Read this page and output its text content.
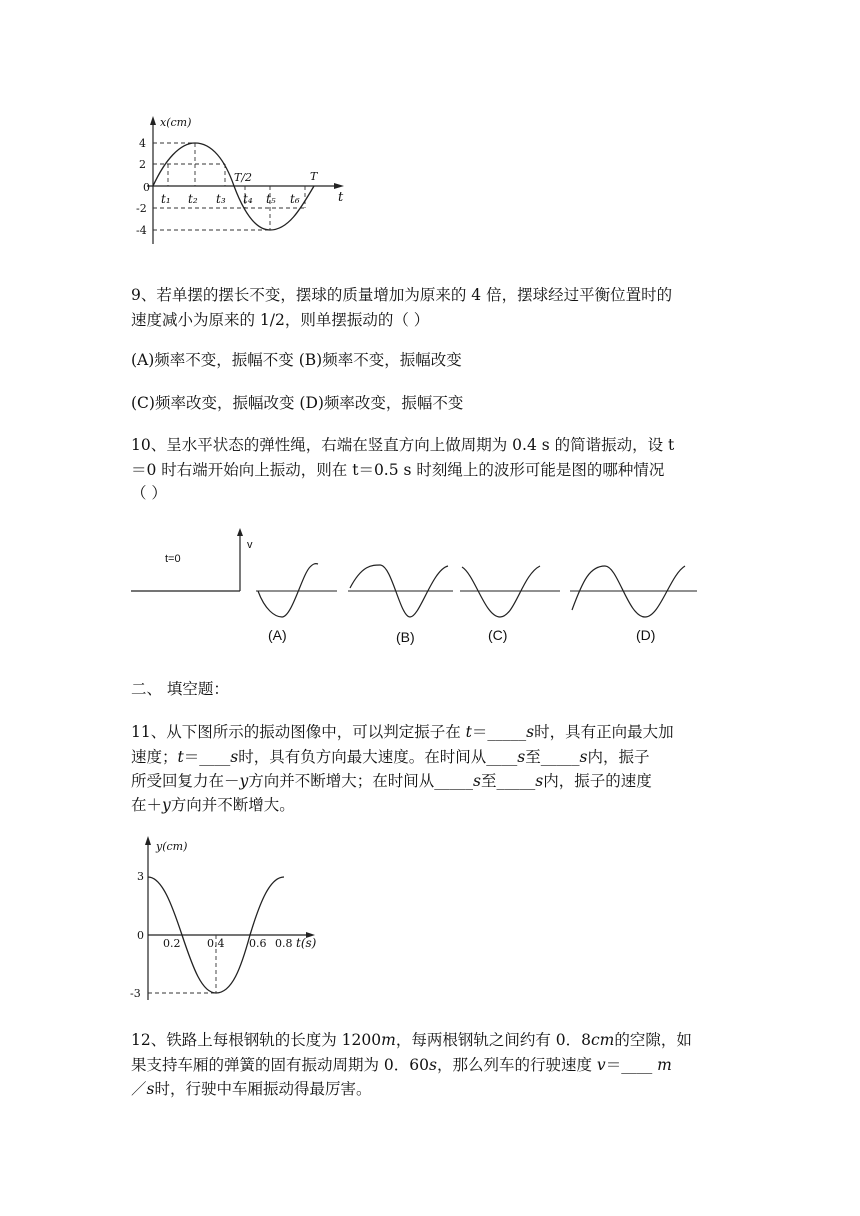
x(cm)
4
2
0
-2
-4
t₁ t₂ t₃ t₄ t₅ t₆
T/2	T
t
9、若单摆的摆长不变，摆球的质量增加为原来的 4 倍，摆球经过平衡位置时的
速度减小为原来的 1/2，则单摆振动的（ ）
(A)频率不变，振幅不变 (B)频率不变，振幅改变
(C)频率改变，振幅改变 (D)频率改变，振幅不变
10、呈水平状态的弹性绳，右端在竖直方向上做周期为 0.4 s 的简谐振动，设 t
＝0 时右端开始向上振动，则在 t＝0.5 s 时刻绳上的波形可能是图的哪种情况
（ ）
t=0
v
(A)	(B)	(C)	(D)
二、 填空题：
11、从下图所示的振动图像中，可以判定振子在 t＝_____s时，具有正向最大加
速度；t＝____s时，具有负方向最大速度。在时间从____s至_____s内，振子
所受回复力在－y方向并不断增大；在时间从_____s至_____s内，振子的速度
在＋y方向并不断增大。
y(cm)
3
0
-3
0.2 0.4 0.6 0.8 t(s)
12、铁路上每根钢轨的长度为 1200m，每两根钢轨之间约有 0．8cm的空隙，如
果支持车厢的弹簧的固有振动周期为 0．60s，那么列车的行驶速度 v＝____ m
／s时，行驶中车厢振动得最厉害。
